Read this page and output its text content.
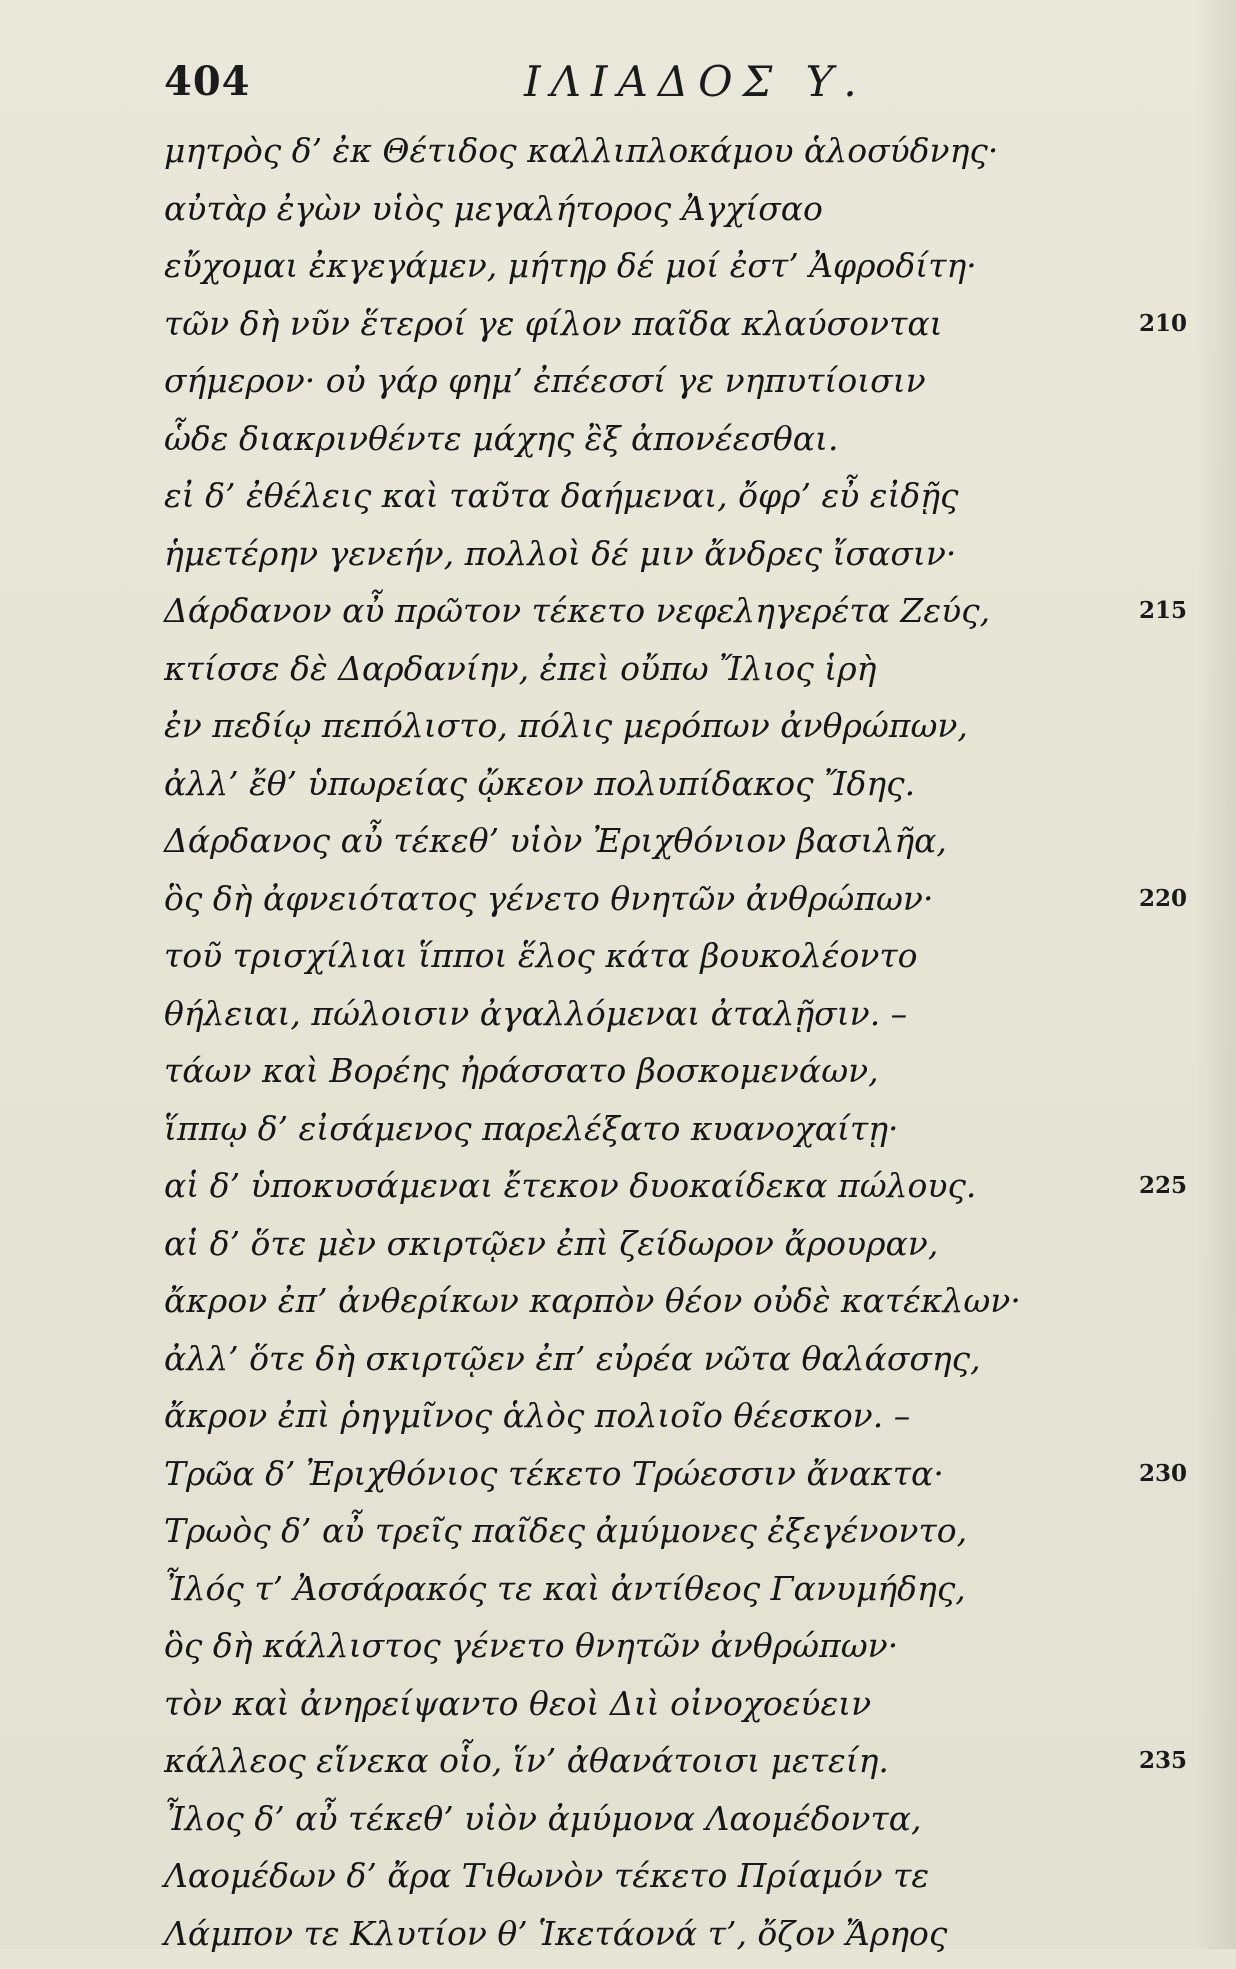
404	ΙΛΙΑΔΟΣ Υ.
μητρὸς δ’ ἐκ Θέτιδος καλλιπλοκάμου ἁλοσύδνης·
αὐτὰρ ἐγὼν υἱὸς μεγαλήτορος Ἀγχίσαο
εὔχομαι ἐκγεγάμεν, μήτηρ δέ μοί ἐστ’ Ἀφροδίτη·
τῶν δὴ νῦν ἕτεροί γε φίλον παῖδα κλαύσονται	210
σήμερον· οὐ γάρ φημ’ ἐπέεσσί γε νηπυτίοισιν
ὧδε διακρινθέντε μάχης ἒξ ἀπονέεσθαι.
εἰ δ’ ἐθέλεις καὶ ταῦτα δαήμεναι, ὄφρ’ εὖ εἰδῇς
ἡμετέρην γενεήν, πολλοὶ δέ μιν ἄνδρες ἴσασιν·
Δάρδανον αὖ πρῶτον τέκετο νεφεληγερέτα Ζεύς,	215
κτίσσε δὲ Δαρδανίην, ἐπεὶ οὔπω Ἴλιος ἱρὴ
ἐν πεδίῳ πεπόλιστο, πόλις μερόπων ἀνθρώπων,
ἀλλ’ ἔθ’ ὑπωρείας ᾤκεον πολυπίδακος Ἴδης.
Δάρδανος αὖ τέκεθ’ υἱὸν Ἐριχθόνιον βασιλῆα,
ὃς δὴ ἀφνειότατος γένετο θνητῶν ἀνθρώπων·	220
τοῦ τρισχίλιαι ἵπποι ἕλος κάτα βουκολέοντο
θήλειαι, πώλοισιν ἀγαλλόμεναι ἀταλῇσιν. –
τάων καὶ Βορέης ἠράσσατο βοσκομενάων,
ἵππῳ δ’ εἰσάμενος παρελέξατο κυανοχαίτῃ·
αἱ δ’ ὑποκυσάμεναι ἔτεκον δυοκαίδεκα πώλους.	225
αἱ δ’ ὅτε μὲν σκιρτῷεν ἐπὶ ζείδωρον ἄρουραν,
ἄκρον ἐπ’ ἀνθερίκων καρπὸν θέον οὐδὲ κατέκλων·
ἀλλ’ ὅτε δὴ σκιρτῷεν ἐπ’ εὐρέα νῶτα θαλάσσης,
ἄκρον ἐπὶ ῥηγμῖνος ἁλὸς πολιοῖο θέεσκον. –
Τρῶα δ’ Ἐριχθόνιος τέκετο Τρώεσσιν ἄνακτα·	230
Τρωὸς δ’ αὖ τρεῖς παῖδες ἀμύμονες ἐξεγένοντο,
Ἶλός τ’ Ἀσσάρακός τε καὶ ἀντίθεος Γανυμήδης,
ὃς δὴ κάλλιστος γένετο θνητῶν ἀνθρώπων·
τὸν καὶ ἀνηρείψαντο θεοὶ Διὶ οἰνοχοεύειν
κάλλεος εἵνεκα οἷο, ἵν’ ἀθανάτοισι μετείη.	235
Ἶλος δ’ αὖ τέκεθ’ υἱὸν ἀμύμονα Λαομέδοντα,
Λαομέδων δ’ ἄρα Τιθωνὸν τέκετο Πρίαμόν τε
Λάμπον τε Κλυτίον θ’ Ἱκετάονά τ’, ὄζον Ἄρηος
